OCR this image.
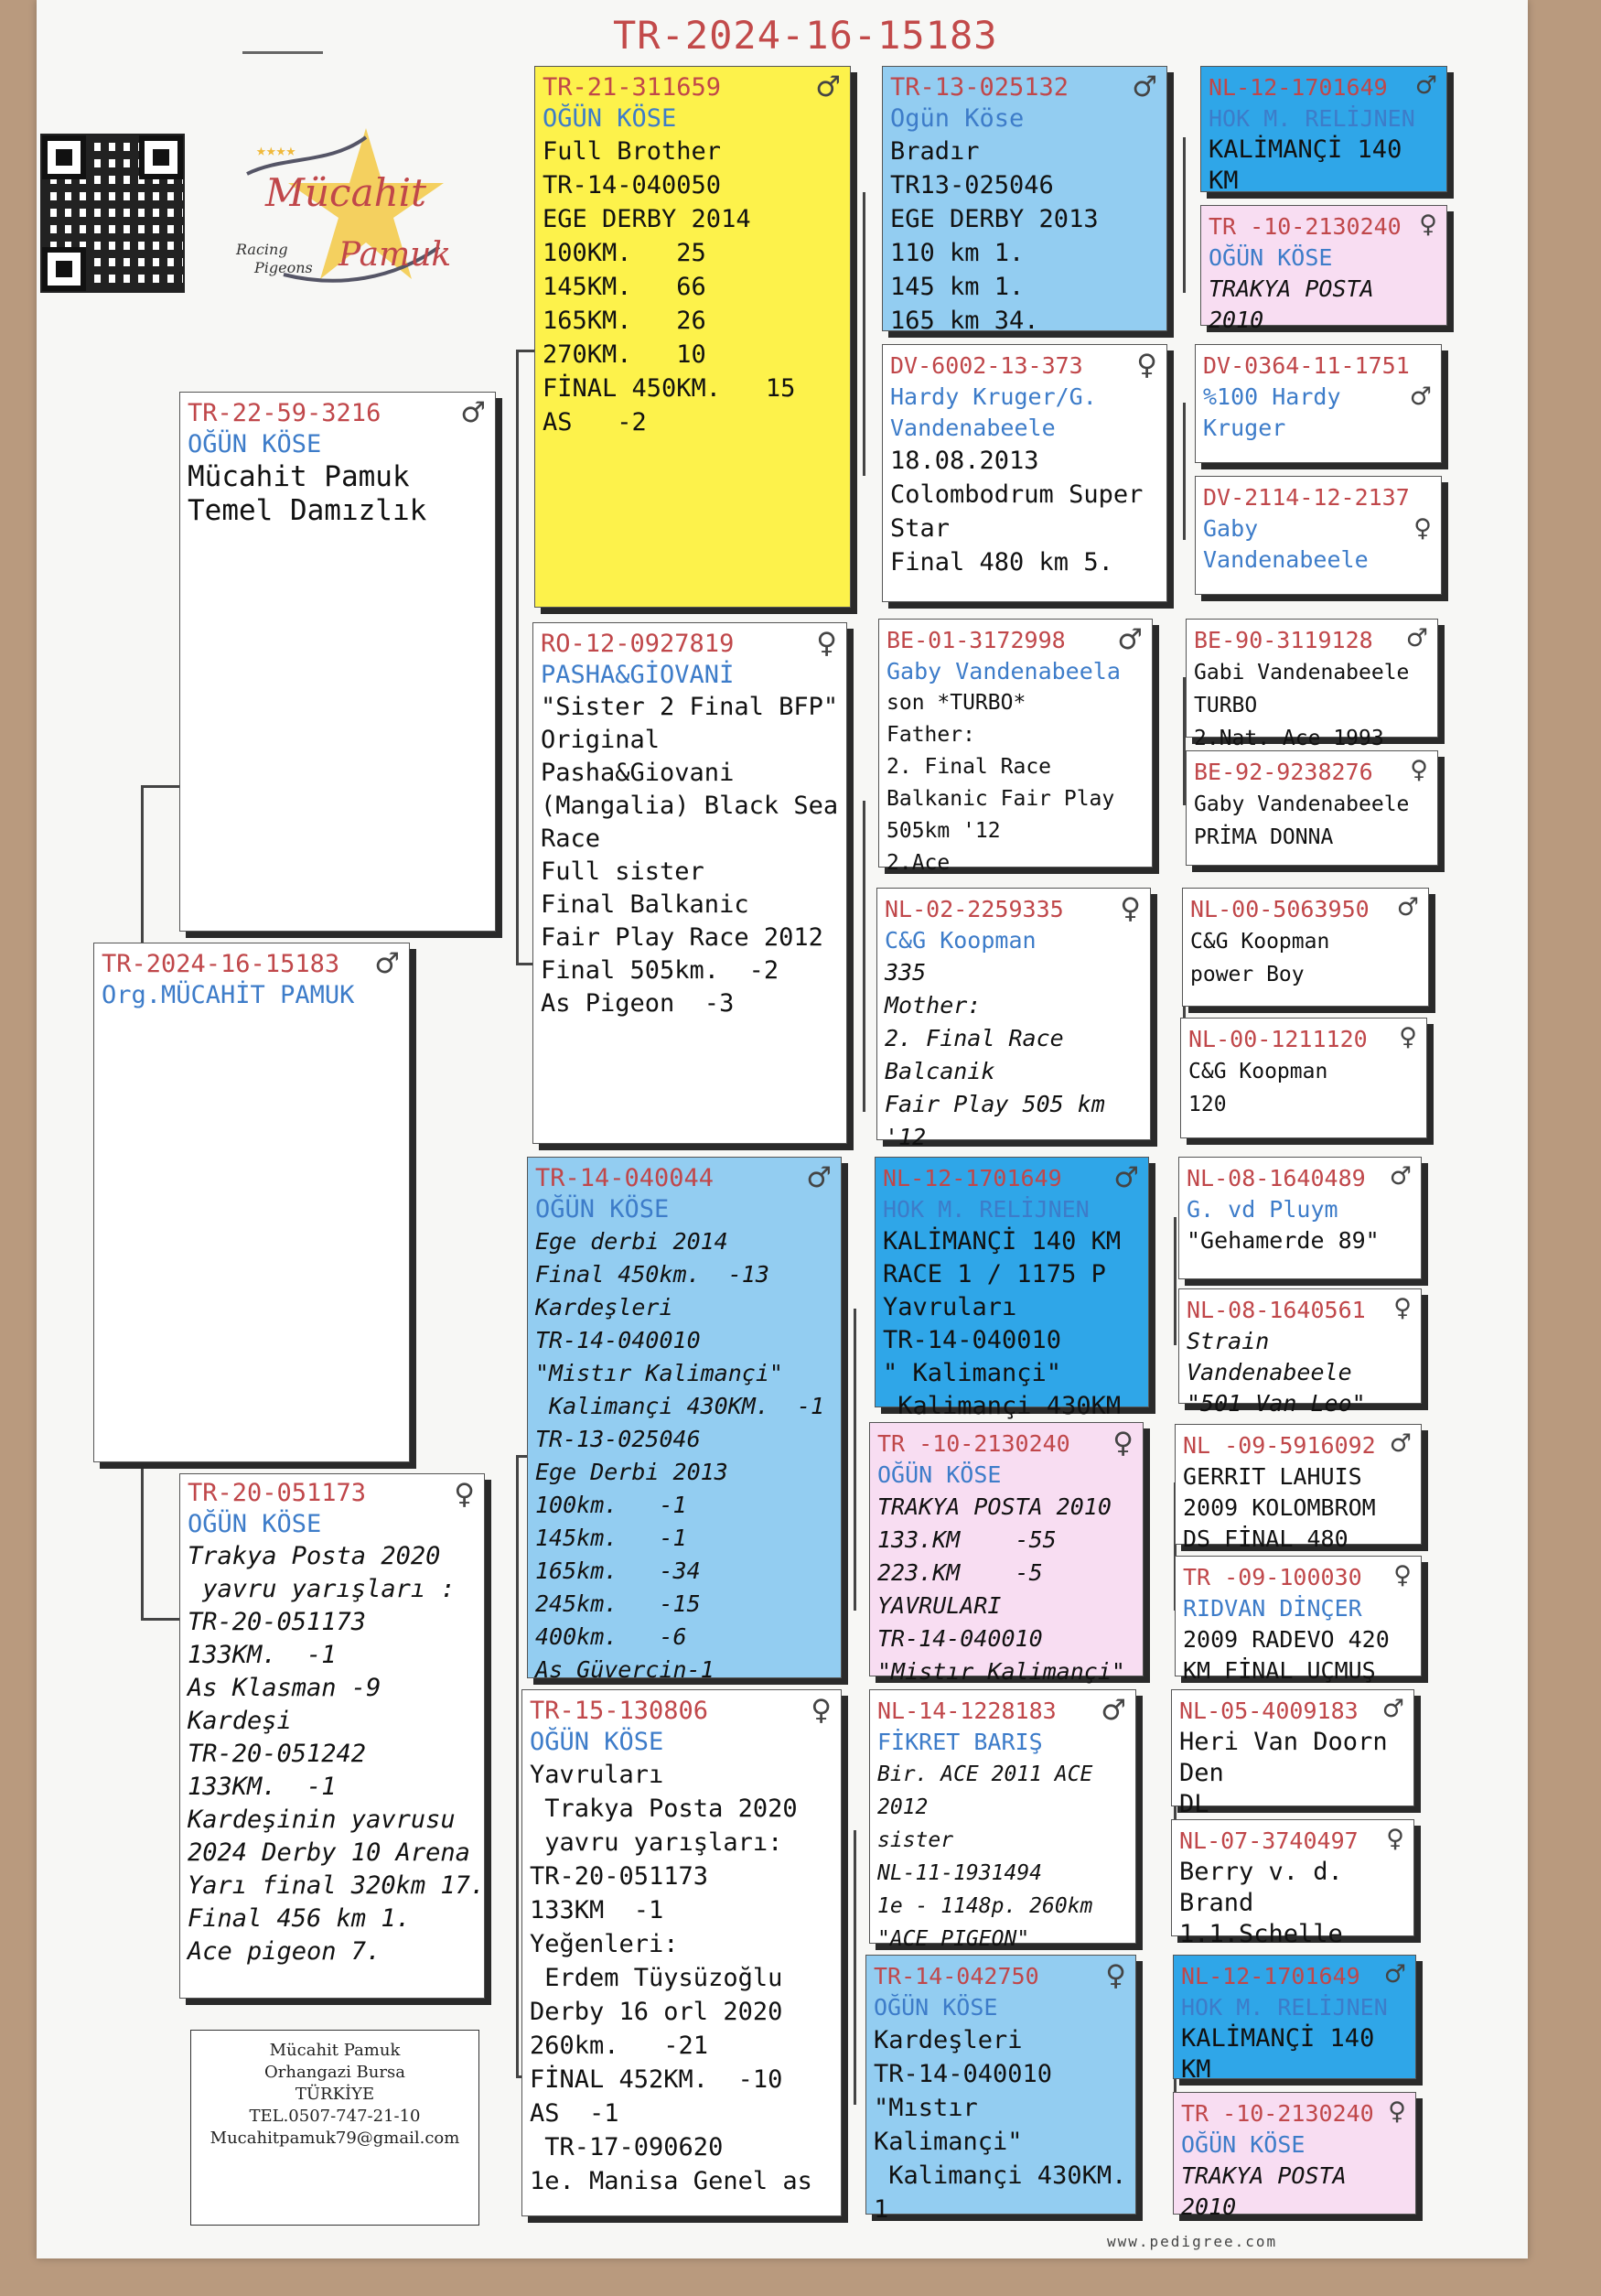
TR-2024-16-15183
Mücahit
Pamuk
Racing
Pigeons
★★★★
♂
TR-2024-16-15183
Org.MÜCAHİT PAMUK
♂
TR-22-59-3216
OĞÜN KÖSE
Mücahit Pamuk
Temel Damızlık
♀
TR-20-051173
OĞÜN KÖSE
Trakya Posta 2020
yavru yarışları :
TR-20-051173
133KM.  -1
As Klasman -9
Kardeşi
TR-20-051242
133KM.  -1
Kardeşinin yavrusu
2024 Derby 10 Arena
Yarı final 320km 17.
Final 456 km 1.
Ace pigeon 7.
♂
TR-21-311659
OĞÜN KÖSE
Full Brother
TR-14-040050
EGE DERBY 2014
100KM.   25
145KM.   66
165KM.   26
270KM.   10
FİNAL 450KM.   15
AS   -2
♀
RO-12-0927819
PASHA&GİOVANİ
"Sister 2 Final BFP"
Original
Pasha&Giovani
(Mangalia) Black Sea
Race
Full sister
Final Balkanic
Fair Play Race 2012
Final 505km.  -2
As Pigeon  -3
♂
TR-14-040044
OĞÜN KÖSE
Ege derbi 2014
Final 450km.  -13
Kardeşleri
TR-14-040010
"Mistır Kalimançi"
Kalimançi 430KM.  -1
TR-13-025046
Ege Derbi 2013
100km.   -1
145km.   -1
165km.   -34
245km.   -15
400km.   -6
As Güvercin-1
♀
TR-15-130806
OĞÜN KÖSE
Yavruları
Trakya Posta 2020
yavru yarışları:
TR-20-051173
133KM  -1
Yeğenleri:
Erdem Tüysüzoğlu
Derby 16 orl 2020
260km.   -21
FİNAL 452KM.  -10
AS  -1
TR-17-090620
1e. Manisa Genel as
♂
TR-13-025132
Ogün Köse
Bradır
TR13-025046
EGE DERBY 2013
110 km 1.
145 km 1.
165 km 34.
♀
DV-6002-13-373
Hardy Kruger/G. Vandenabeele
18.08.2013
Colombodrum Super
Star
Final 480 km 5.
♂
BE-01-3172998
Gaby Vandenabeela
son *TURBO*
Father:
2. Final Race
Balkanic Fair Play
505km '12
2.Ace
♀
NL-02-2259335
C&G Koopman
335
Mother:
2. Final Race
Balcanik
Fair Play 505 km
'12
♂
NL-12-1701649
HOK M. RELİJNEN
KALİMANÇİ 140 KM
RACE 1 / 1175 P
Yavruları
TR-14-040010
" Kalimançi"
Kalimançi 430KM
♀
TR -10-2130240
OĞÜN KÖSE
TRAKYA POSTA 2010
133.KM    -55
223.KM    -5
YAVRULARI
TR-14-040010
"Mistır Kalimançi"
♂
NL-14-1228183
FİKRET BARIŞ
Bir. ACE 2011 ACE
2012
sister
NL-11-1931494
1e - 1148p. 260km
"ACE PIGEON"
♀
TR-14-042750
OĞÜN KÖSE
Kardeşleri
TR-14-040010
"Mıstır
Kalimançi"
Kalimançi 430KM.
1
♂
NL-12-1701649
HOK M. RELİJNEN
KALİMANÇİ 140
KM
♀
TR -10-2130240
OĞÜN KÖSE
TRAKYA POSTA
2010
♂
DV-0364-11-1751
%100 Hardy Kruger
♀
DV-2114-12-2137
Gaby Vandenabeele
♂
BE-90-3119128
Gabi Vandenabeele
TURBO
2.Nat. Ace 1993
♀
BE-92-9238276
Gaby Vandenabeele
PRİMA DONNA
♂
NL-00-5063950
C&G Koopman
power Boy
♀
NL-00-1211120
C&G Koopman
120
♂
NL-08-1640489
G. vd Pluym
"Gehamerde 89"
♀
NL-08-1640561
Strain
Vandenabeele
"501 Van Leo"
♂
NL -09-5916092
GERRIT LAHUIS
2009 KOLOMBROM
DS FİNAL 480
♀
TR -09-100030
RIDVAN DİNÇER
2009 RADEVO 420
KM FİNAL UÇMUŞ
♂
NL-05-4009183
Heri Van Doorn
Den
DL
♀
NL-07-3740497
Berry v. d.
Brand
1.1.Schelle
♂
NL-12-1701649
HOK M. RELİJNEN
KALİMANÇİ 140
KM
♀
TR -10-2130240
OĞÜN KÖSE
TRAKYA POSTA
2010
Mücahit Pamuk
Orhangazi Bursa
TÜRKİYE
TEL.0507-747-21-10
Mucahitpamuk79@gmail.com
www.pedigree.com
